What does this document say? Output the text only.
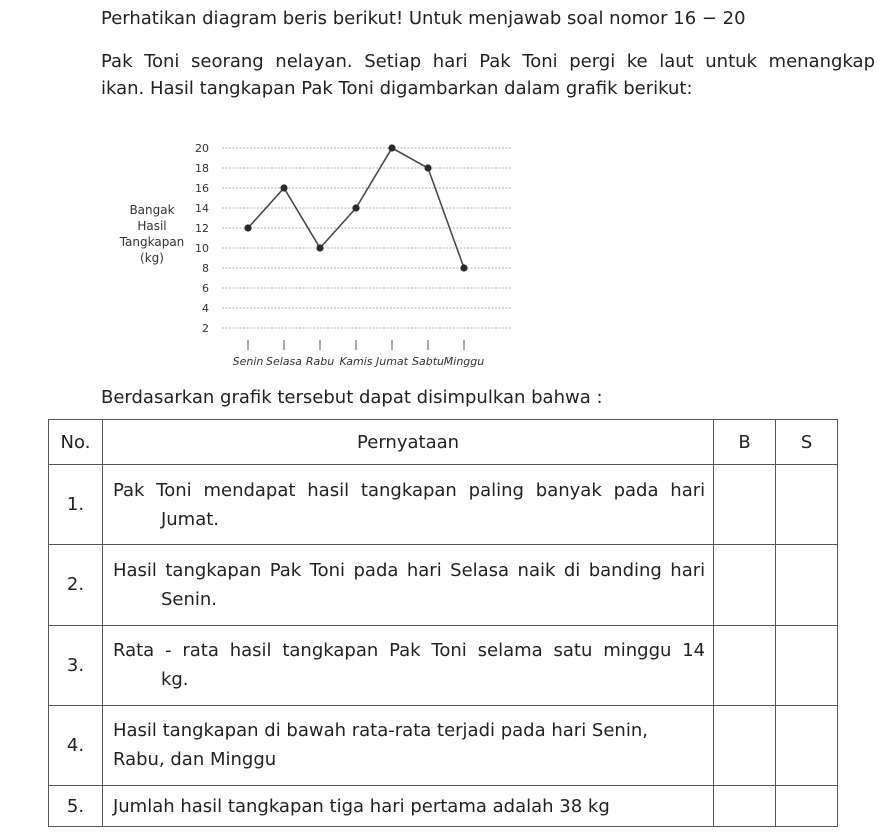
Perhatikan diagram beris berikut! Untuk menjawab soal nomor 16 − 20

Pak Toni seorang nelayan. Setiap hari Pak Toni pergi ke laut untuk menangkap
ikan. Hasil tangkapan Pak Toni digambarkan dalam grafik berikut:

Bangak
Hasil
Tangkapan
(kg)
2
4
6
8
10
12
14
16
18
20
Senin Selasa Rabu Kamis Jumat Sabtu Minggu

Berdasarkan grafik tersebut dapat disimpulkan bahwa :

No.	Pernyataan	B	S
1.	Pak Toni mendapat hasil tangkapan paling banyak pada hari
Jumat.		

2.	Hasil tangkapan Pak Toni pada hari Selasa naik di banding hari
Senin.		

3.	Rata - rata hasil tangkapan Pak Toni selama satu minggu 14
kg.		

4.	Hasil tangkapan di bawah rata-rata terjadi pada hari Senin,
Rabu, dan Minggu		

5.	Jumlah hasil tangkapan tiga hari pertama adalah 38 kg		
